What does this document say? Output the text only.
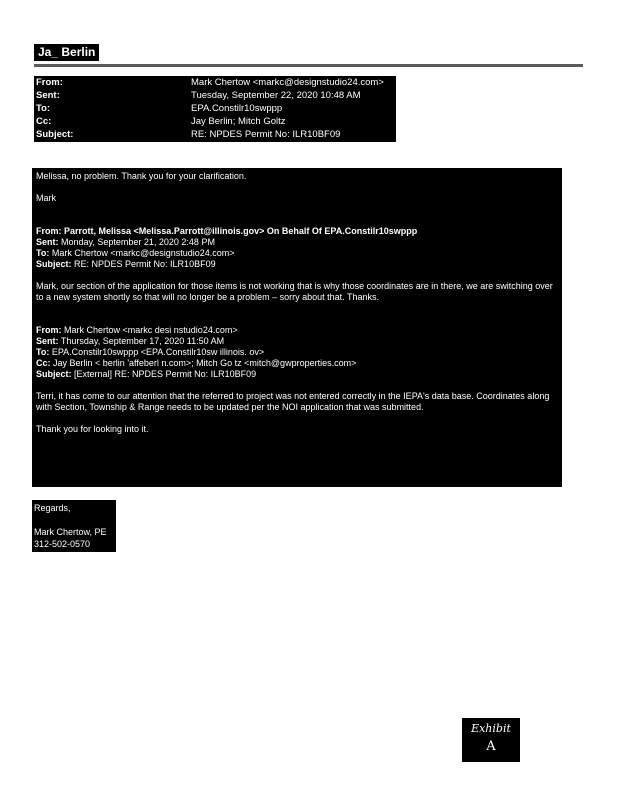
Ja_ Berlin
From:	Mark Chertow <markc@designstudio24.com>
Sent:	Tuesday, September 22, 2020 10:48 AM
To:	EPA.Constilr10swppp
Cc:	Jay Berlin; Mitch Goltz
Subject:	RE: NPDES Permit No: ILR10BF09

Melissa, no problem. Thank you for your clarification.

Mark

From: Parrott, Melissa <Melissa.Parrott@illinois.gov> On Behalf Of EPA.Constilr10swppp
Sent: Monday, September 21, 2020 2:48 PM
To: Mark Chertow <markc@designstudio24.com>
Subject: RE: NPDES Permit No: ILR10BF09

Mark, our section of the application for those items is not working that is why those coordinates are in there, we are switching over to a new system shortly so that will no longer be a problem – sorry about that. Thanks.

From: Mark Chertow <markc desi nstudio24.com>
Sent: Thursday, September 17, 2020 11:50 AM
To: EPA.Constilr10swppp <EPA.Constilr10sw illinois. ov>
Cc: Jay Berlin < berlin 'affeberl n.com>; Mitch Go tz <mitch@gwproperties.com>
Subject: [External] RE: NPDES Permit No: ILR10BF09

Terri, it has come to our attention that the referred to project was not entered correctly in the IEPA's data base. Coordinates along with Section, Township & Range needs to be updated per the NOI application that was submitted.

Thank you for looking into it.

Regards,
Mark Chertow, PE
312-502-0570
Exhibit
A
